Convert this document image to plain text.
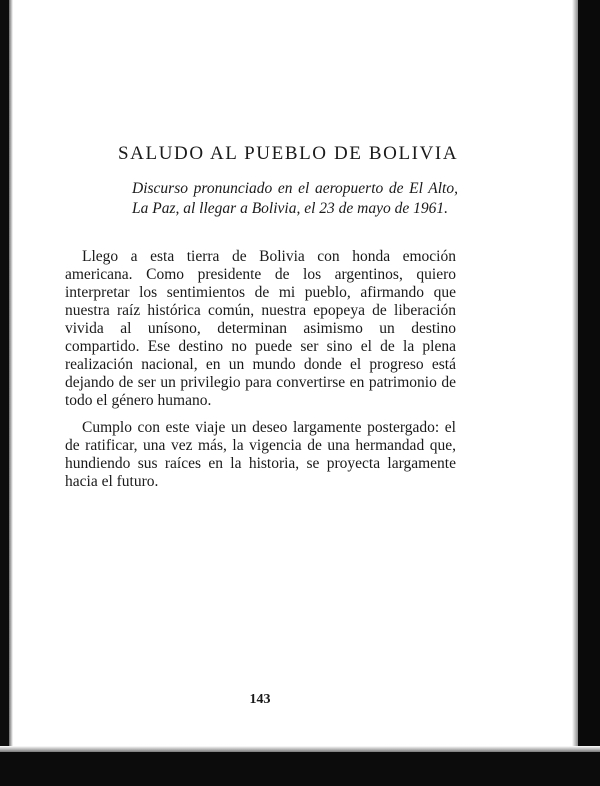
SALUDO AL PUEBLO DE BOLIVIA

Discurso pronunciado en el aeropuerto de El Alto, La Paz, al llegar a Bolivia, el 23 de mayo de 1961.

Llego a esta tierra de Bolivia con honda emoción americana. Como presidente de los argentinos, quiero interpretar los sentimientos de mi pueblo, afirmando que nuestra raíz histórica común, nuestra epopeya de liberación vivida al unísono, determinan asimismo un destino compartido. Ese destino no puede ser sino el de la plena realización nacional, en un mundo donde el progreso está dejando de ser un privilegio para convertirse en patrimonio de todo el género humano.

Cumplo con este viaje un deseo largamente postergado: el de ratificar, una vez más, la vigencia de una hermandad que, hundiendo sus raíces en la historia, se proyecta largamente hacia el futuro.

143
